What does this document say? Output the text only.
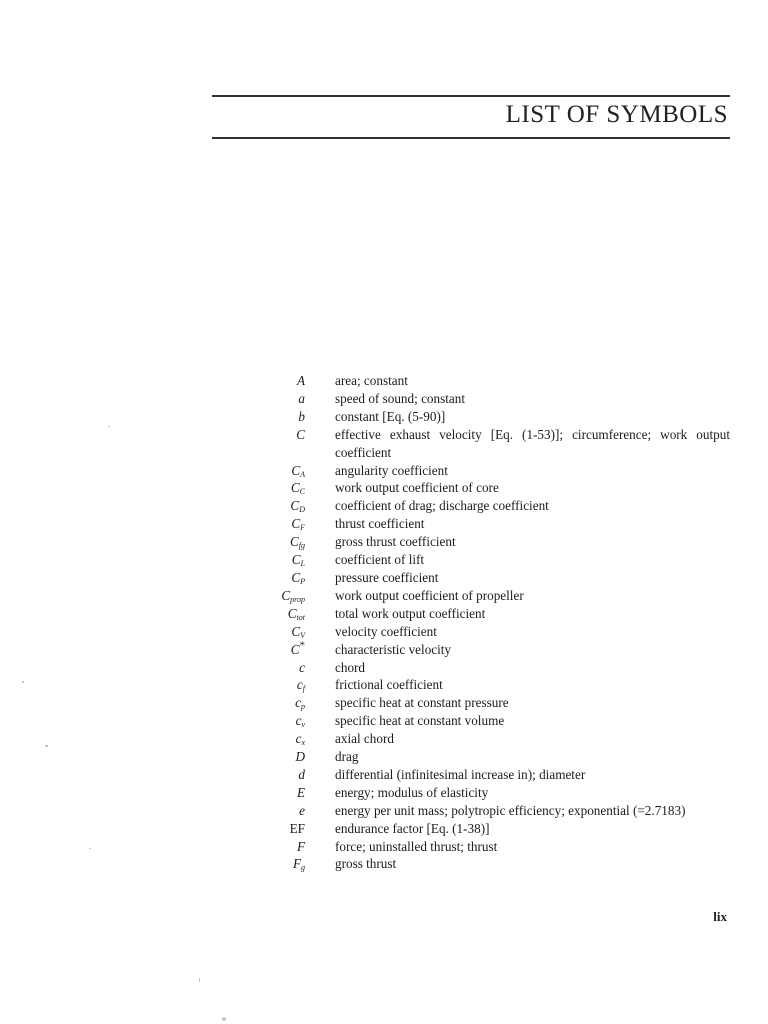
LIST OF SYMBOLS
A area; constant
a speed of sound; constant
b constant [Eq. (5-90)]
C effective exhaust velocity [Eq. (1-53)]; circumference; work output coefficient
$C_A$ angularity coefficient
$C_C$ work output coefficient of core
$C_D$ coefficient of drag; discharge coefficient
$C_F$ thrust coefficient
$C_{fg}$ gross thrust coefficient
$C_L$ coefficient of lift
$C_P$ pressure coefficient
$C_{prop}$ work output coefficient of propeller
$C_{tot}$ total work output coefficient
$C_V$ velocity coefficient
C* characteristic velocity
c chord
$c_f$ frictional coefficient
$c_p$ specific heat at constant pressure
$c_v$ specific heat at constant volume
$c_x$ axial chord
D drag
d differential (infinitesimal increase in); diameter
E energy; modulus of elasticity
e energy per unit mass; polytropic efficiency; exponential (=2.7183)
EF endurance factor [Eq. (1-38)]
F force; uninstalled thrust; thrust
$F_g$ gross thrust
lix
